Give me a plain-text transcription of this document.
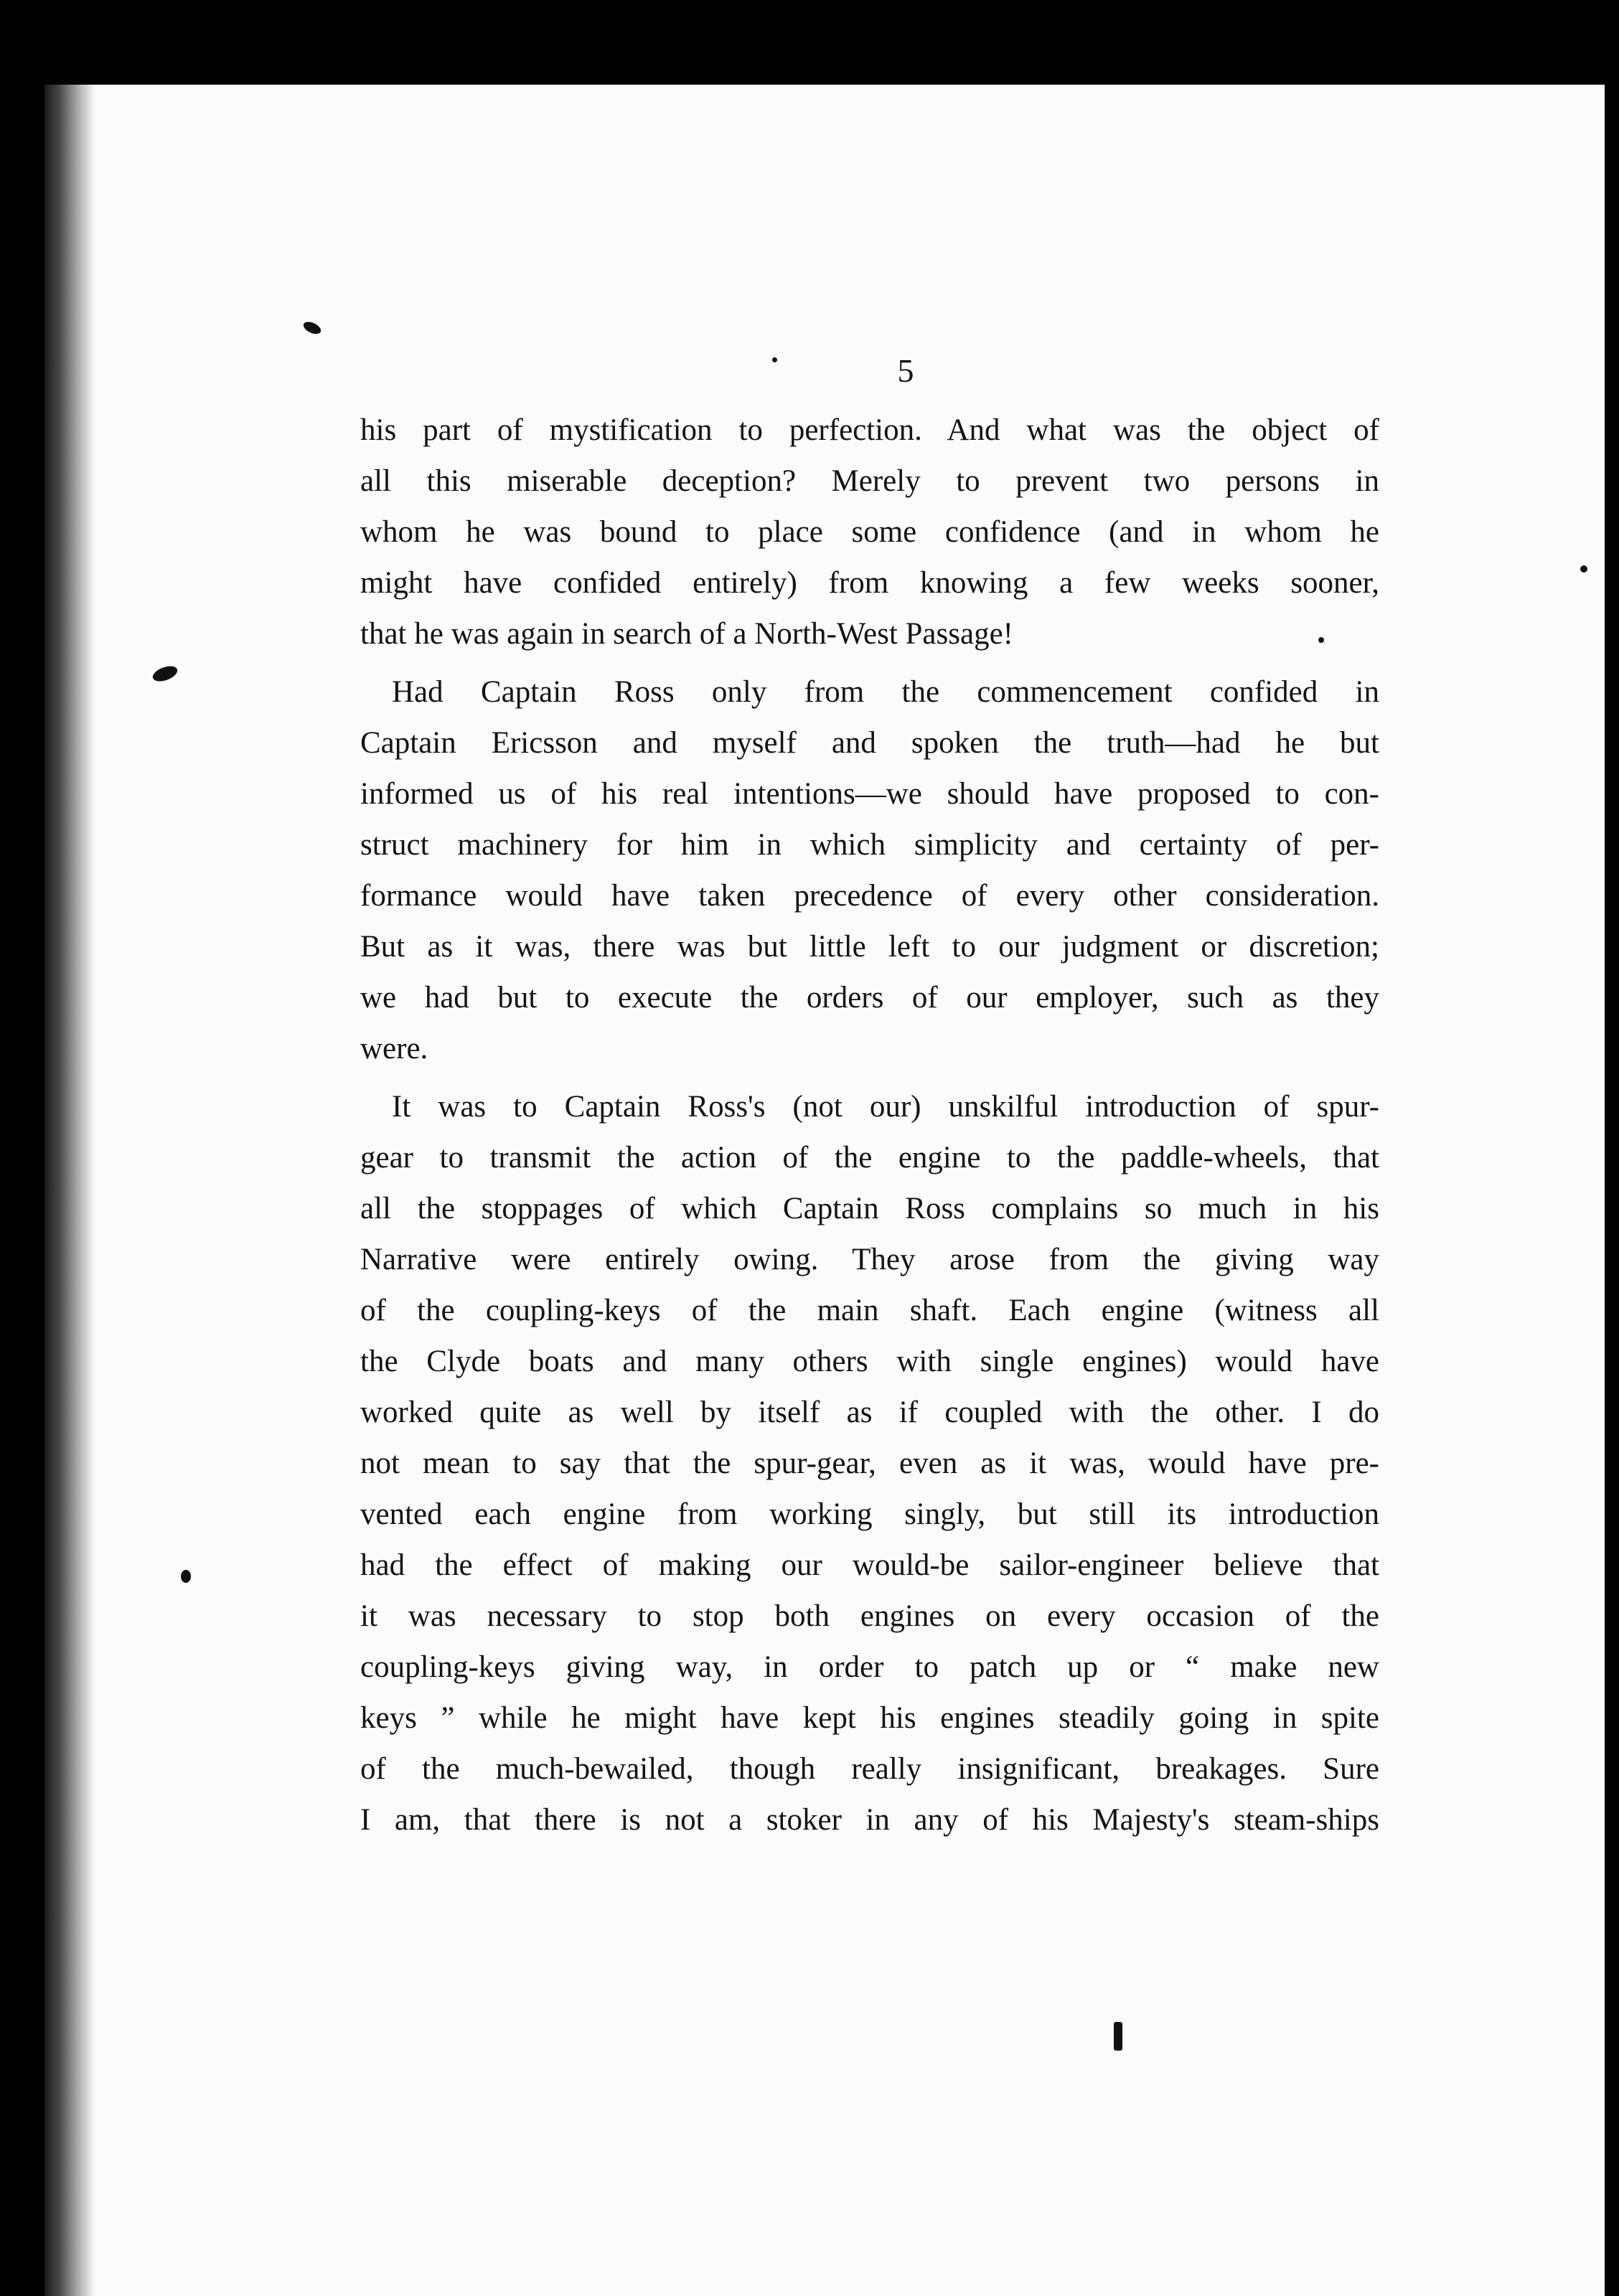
5
his part of mystification to perfection. And what was the object of
all this miserable deception? Merely to prevent two persons in
whom he was bound to place some confidence (and in whom he
might have confided entirely) from knowing a few weeks sooner,
that he was again in search of a North-West Passage!
Had Captain Ross only from the commencement confided in
Captain Ericsson and myself and spoken the truth—had he but
informed us of his real intentions—we should have proposed to con-
struct machinery for him in which simplicity and certainty of per-
formance would have taken precedence of every other consideration.
But as it was, there was but little left to our judgment or discretion;
we had but to execute the orders of our employer, such as they
were.
It was to Captain Ross's (not our) unskilful introduction of spur-
gear to transmit the action of the engine to the paddle-wheels, that
all the stoppages of which Captain Ross complains so much in his
Narrative were entirely owing. They arose from the giving way
of the coupling-keys of the main shaft. Each engine (witness all
the Clyde boats and many others with single engines) would have
worked quite as well by itself as if coupled with the other. I do
not mean to say that the spur-gear, even as it was, would have pre-
vented each engine from working singly, but still its introduction
had the effect of making our would-be sailor-engineer believe that
it was necessary to stop both engines on every occasion of the
coupling-keys giving way, in order to patch up or “ make new
keys ” while he might have kept his engines steadily going in spite
of the much-bewailed, though really insignificant, breakages. Sure
I am, that there is not a stoker in any of his Majesty's steam-ships
